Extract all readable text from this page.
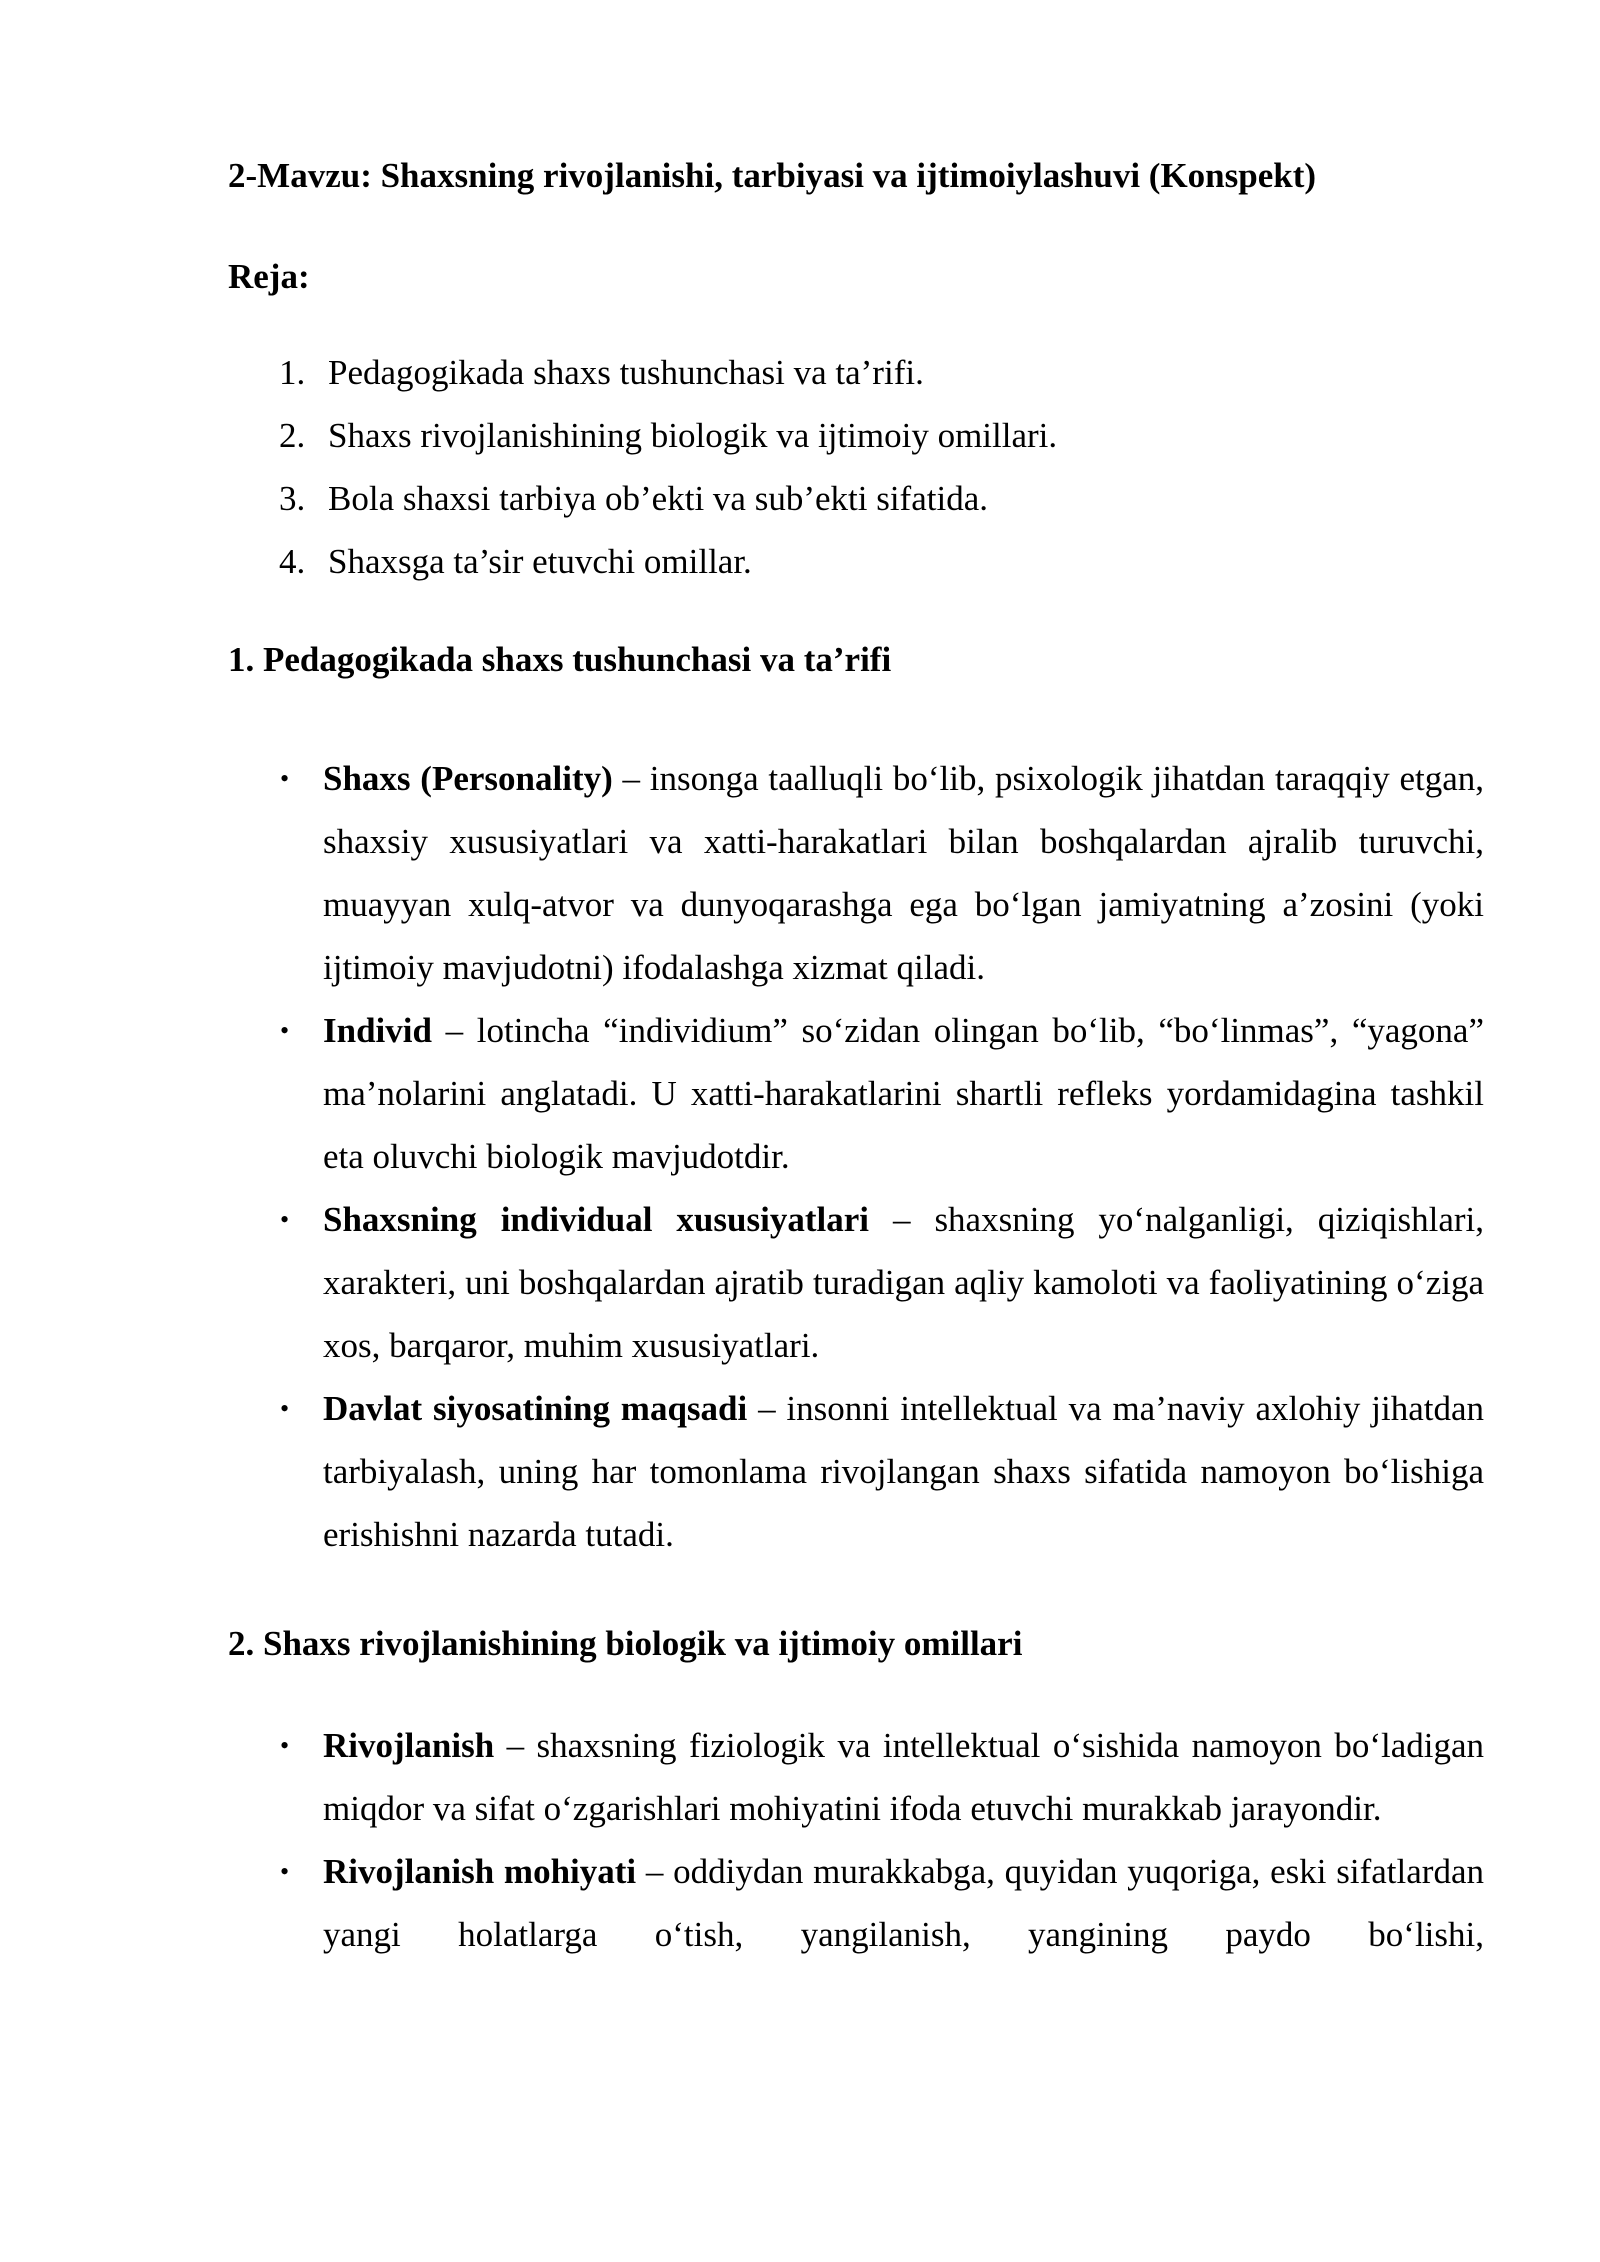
2-Mavzu: Shaxsning rivojlanishi, tarbiyasi va ijtimoiylashuvi (Konspekt)

Reja:

1. Pedagogikada shaxs tushunchasi va ta’rifi.
2. Shaxs rivojlanishining biologik va ijtimoiy omillari.
3. Bola shaxsi tarbiya ob’ekti va sub’ekti sifatida.
4. Shaxsga ta’sir etuvchi omillar.

1. Pedagogikada shaxs tushunchasi va ta’rifi

• Shaxs (Personality) – insonga taalluqli boʻlib, psixologik jihatdan taraqqiy etgan, shaxsiy xususiyatlari va xatti-harakatlari bilan boshqalardan ajralib turuvchi, muayyan xulq-atvor va dunyoqarashga ega boʻlgan jamiyatning a’zosini (yoki ijtimoiy mavjudotni) ifodalashga xizmat qiladi.
• Individ – lotincha “individium” soʻzidan olingan boʻlib, “boʻlinmas”, “yagona” ma’nolarini anglatadi. U xatti-harakatlarini shartli refleks yordamidagina tashkil eta oluvchi biologik mavjudotdir.
• Shaxsning individual xususiyatlari – shaxsning yoʻnalganligi, qiziqishlari, xarakteri, uni boshqalardan ajratib turadigan aqliy kamoloti va faoliyatining oʻziga xos, barqaror, muhim xususiyatlari.
• Davlat siyosatining maqsadi – insonni intellektual va ma’naviy axlohiy jihatdan tarbiyalash, uning har tomonlama rivojlangan shaxs sifatida namoyon boʻlishiga erishishni nazarda tutadi.

2. Shaxs rivojlanishining biologik va ijtimoiy omillari

• Rivojlanish – shaxsning fiziologik va intellektual oʻsishida namoyon boʻladigan miqdor va sifat oʻzgarishlari mohiyatini ifoda etuvchi murakkab jarayondir.
• Rivojlanish mohiyati – oddiydan murakkabga, quyidan yuqoriga, eski sifatlardan yangi holatlarga oʻtish, yangilanish, yangining paydo boʻlishi,
